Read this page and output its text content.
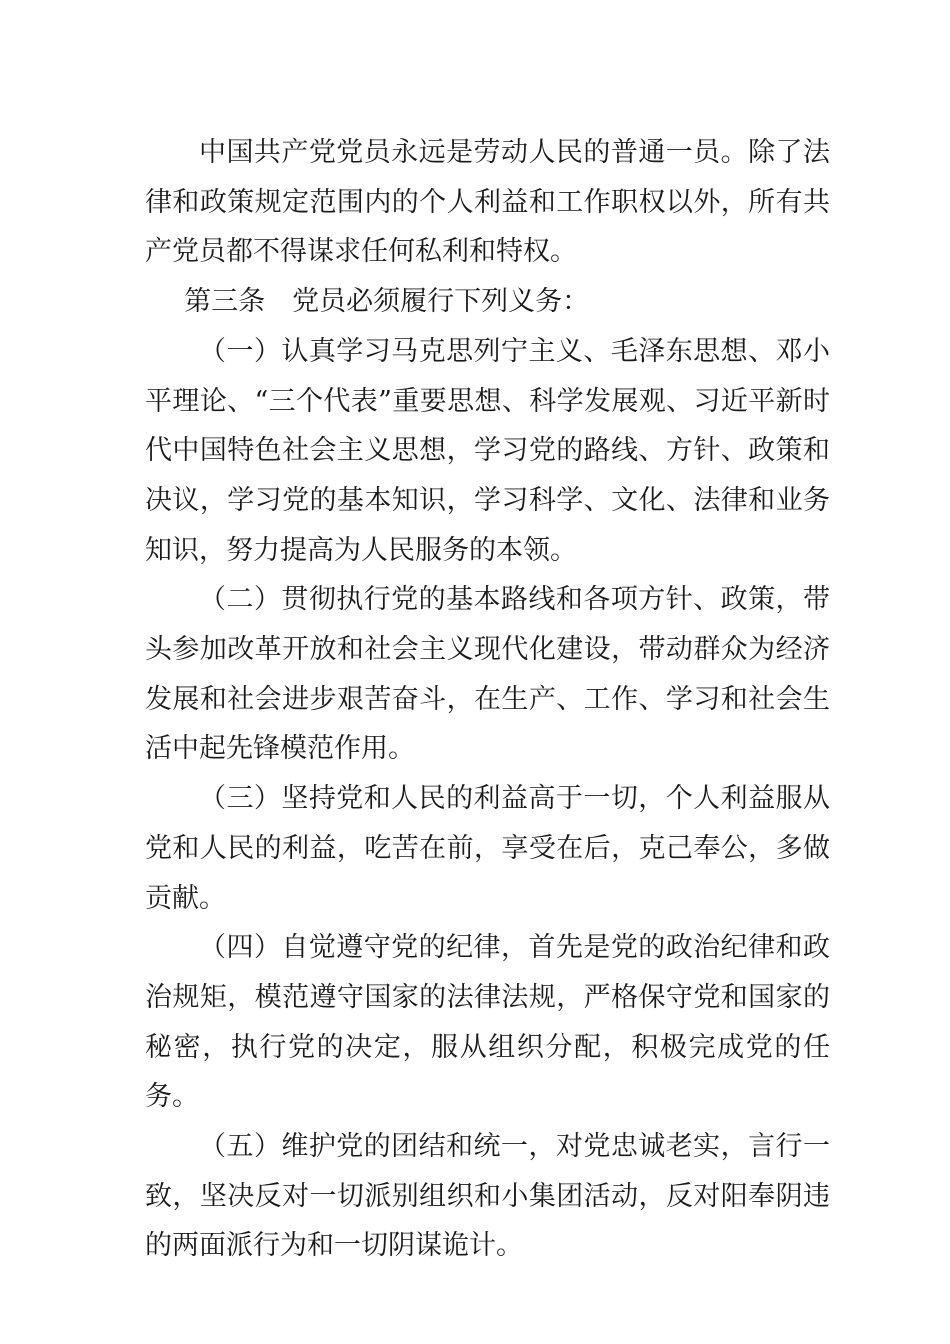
中国共产党党员永远是劳动人民的普通一员。除了法律和政策规定范围内的个人利益和工作职权以外，所有共产党员都不得谋求任何私利和特权。

第三条　党员必须履行下列义务：

（一）认真学习马克思列宁主义、毛泽东思想、邓小平理论、“三个代表”重要思想、科学发展观、习近平新时代中国特色社会主义思想，学习党的路线、方针、政策和决议，学习党的基本知识，学习科学、文化、法律和业务知识，努力提高为人民服务的本领。

（二）贯彻执行党的基本路线和各项方针、政策，带头参加改革开放和社会主义现代化建设，带动群众为经济发展和社会进步艰苦奋斗，在生产、工作、学习和社会生活中起先锋模范作用。

（三）坚持党和人民的利益高于一切，个人利益服从党和人民的利益，吃苦在前，享受在后，克己奉公，多做贡献。

（四）自觉遵守党的纪律，首先是党的政治纪律和政治规矩，模范遵守国家的法律法规，严格保守党和国家的秘密，执行党的决定，服从组织分配，积极完成党的任务。

（五）维护党的团结和统一，对党忠诚老实，言行一致，坚决反对一切派别组织和小集团活动，反对阳奉阴违的两面派行为和一切阴谋诡计。
